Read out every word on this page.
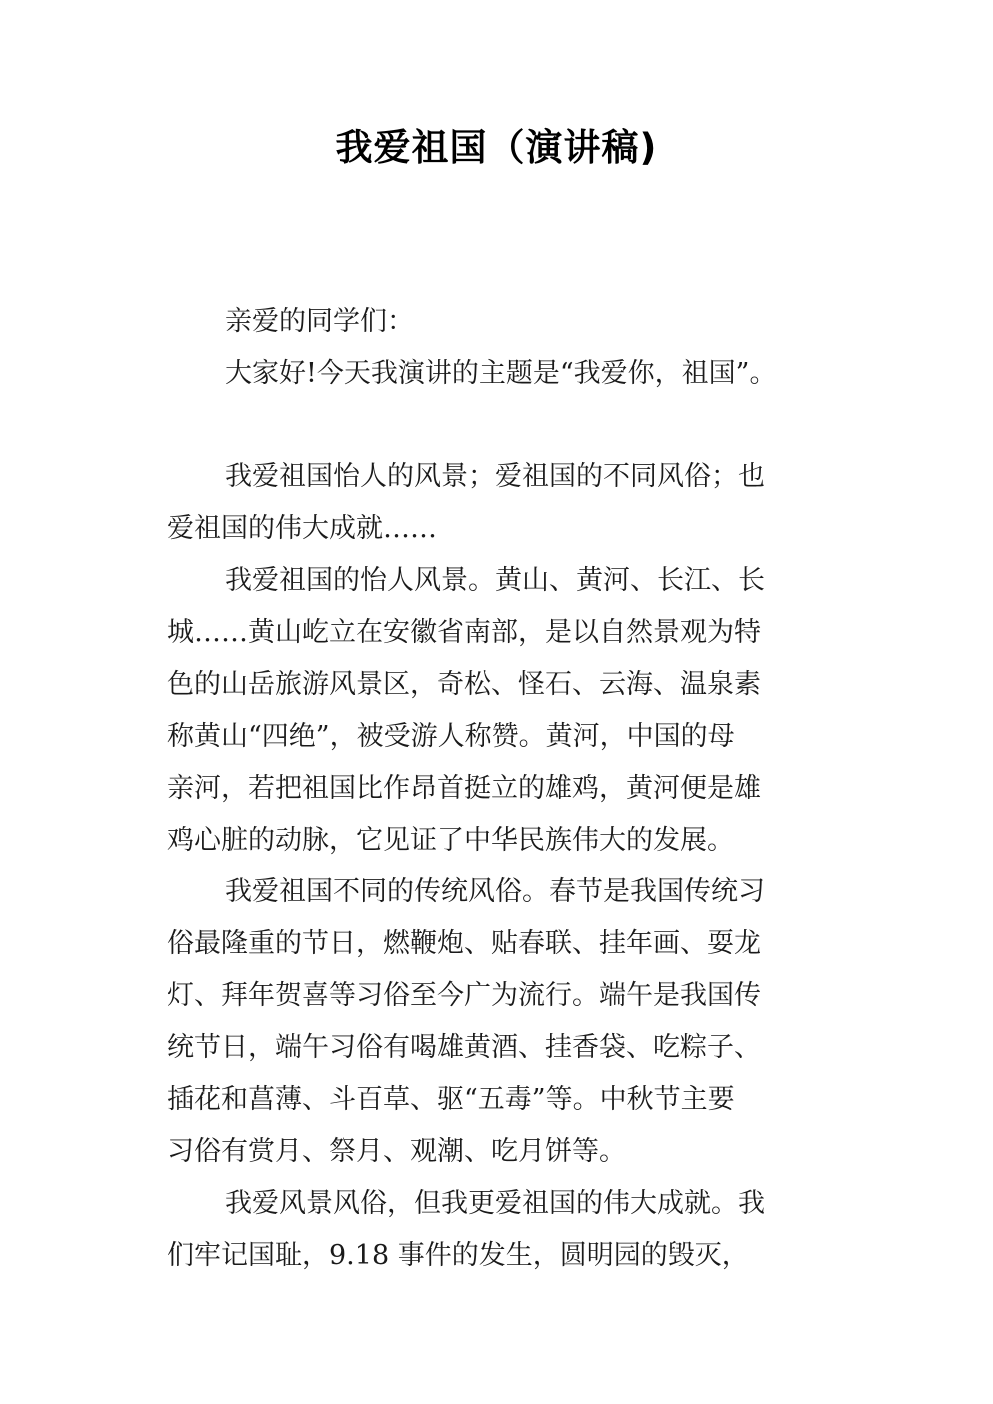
我爱祖国（演讲稿)
亲爱的同学们：
大家好!今天我演讲的主题是“我爱你，祖国”。
我爱祖国怡人的风景；爱祖国的不同风俗；也
爱祖国的伟大成就……
我爱祖国的怡人风景。黄山、黄河、长江、长
城……黄山屹立在安徽省南部，是以自然景观为特
色的山岳旅游风景区，奇松、怪石、云海、温泉素
称黄山“四绝”，被受游人称赞。黄河，中国的母
亲河，若把祖国比作昂首挺立的雄鸡，黄河便是雄
鸡心脏的动脉，它见证了中华民族伟大的发展。
我爱祖国不同的传统风俗。春节是我国传统习
俗最隆重的节日，燃鞭炮、贴春联、挂年画、耍龙
灯、拜年贺喜等习俗至今广为流行。端午是我国传
统节日，端午习俗有喝雄黄酒、挂香袋、吃粽子、
插花和菖薄、斗百草、驱“五毒”等。中秋节主要
习俗有赏月、祭月、观潮、吃月饼等。
我爱风景风俗，但我更爱祖国的伟大成就。我
们牢记国耻，9.18 事件的发生，圆明园的毁灭，
